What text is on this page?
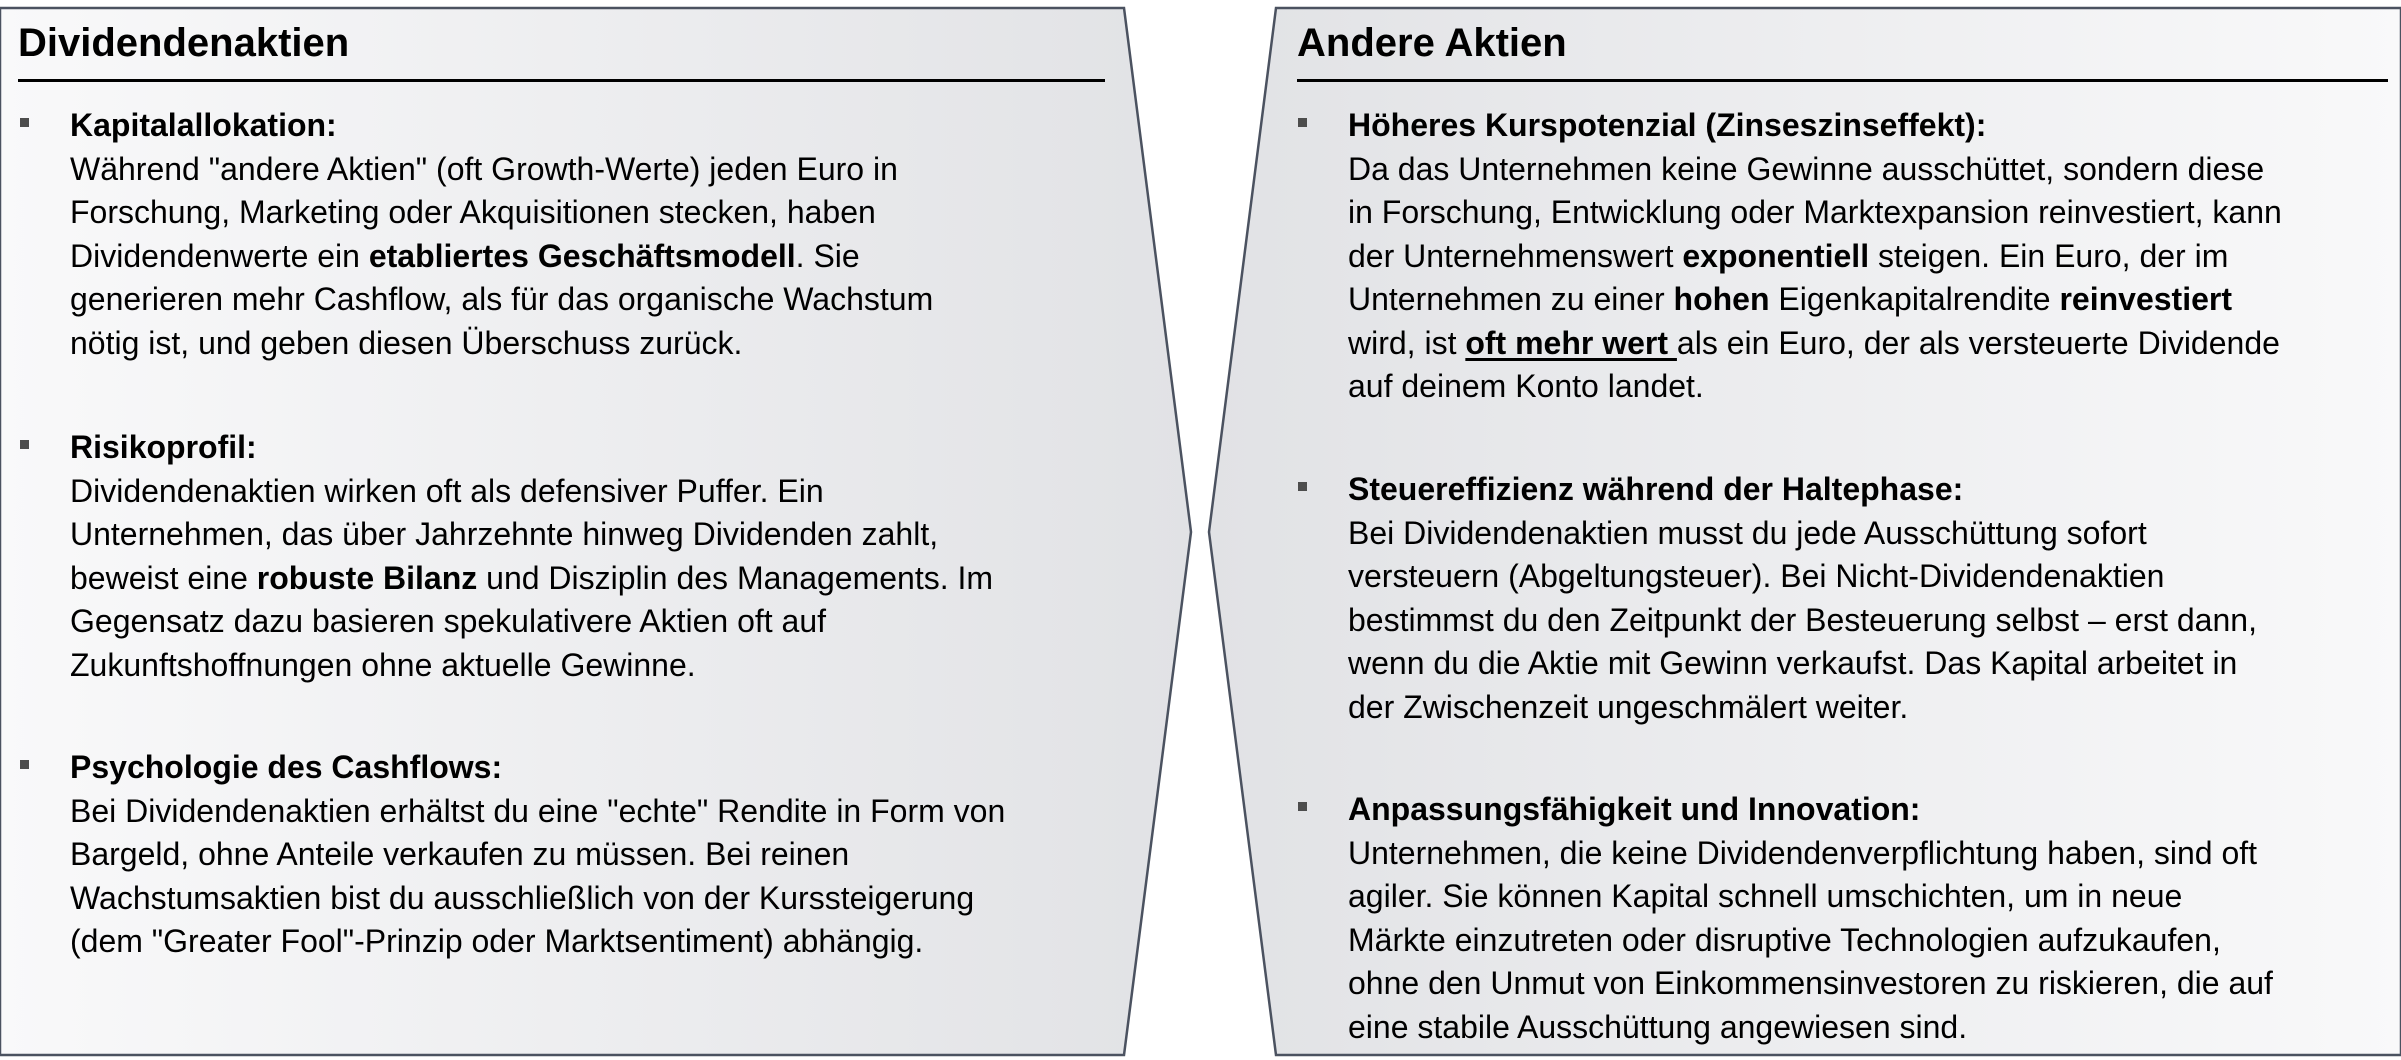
Dividendenaktien
Kapitalallokation:
Während "andere Aktien" (oft Growth-Werte) jeden Euro in
Forschung, Marketing oder Akquisitionen stecken, haben
Dividendenwerte ein etabliertes Geschäftsmodell. Sie
generieren mehr Cashflow, als für das organische Wachstum
nötig ist, und geben diesen Überschuss zurück.
Risikoprofil:
Dividendenaktien wirken oft als defensiver Puffer. Ein
Unternehmen, das über Jahrzehnte hinweg Dividenden zahlt,
beweist eine robuste Bilanz und Disziplin des Managements. Im
Gegensatz dazu basieren spekulativere Aktien oft auf
Zukunftshoffnungen ohne aktuelle Gewinne.
Psychologie des Cashflows:
Bei Dividendenaktien erhältst du eine "echte" Rendite in Form von
Bargeld, ohne Anteile verkaufen zu müssen. Bei reinen
Wachstumsaktien bist du ausschließlich von der Kurssteigerung
(dem "Greater Fool"-Prinzip oder Marktsentiment) abhängig.
Andere Aktien
Höheres Kurspotenzial (Zinseszinseffekt):
Da das Unternehmen keine Gewinne ausschüttet, sondern diese
in Forschung, Entwicklung oder Marktexpansion reinvestiert, kann
der Unternehmenswert exponentiell steigen. Ein Euro, der im
Unternehmen zu einer hohen Eigenkapitalrendite reinvestiert
wird, ist oft mehr wert als ein Euro, der als versteuerte Dividende
auf deinem Konto landet.
Steuereffizienz während der Haltephase:
Bei Dividendenaktien musst du jede Ausschüttung sofort
versteuern (Abgeltungsteuer). Bei Nicht-Dividendenaktien
bestimmst du den Zeitpunkt der Besteuerung selbst – erst dann,
wenn du die Aktie mit Gewinn verkaufst. Das Kapital arbeitet in
der Zwischenzeit ungeschmälert weiter.
Anpassungsfähigkeit und Innovation:
Unternehmen, die keine Dividendenverpflichtung haben, sind oft
agiler. Sie können Kapital schnell umschichten, um in neue
Märkte einzutreten oder disruptive Technologien aufzukaufen,
ohne den Unmut von Einkommensinvestoren zu riskieren, die auf
eine stabile Ausschüttung angewiesen sind.
